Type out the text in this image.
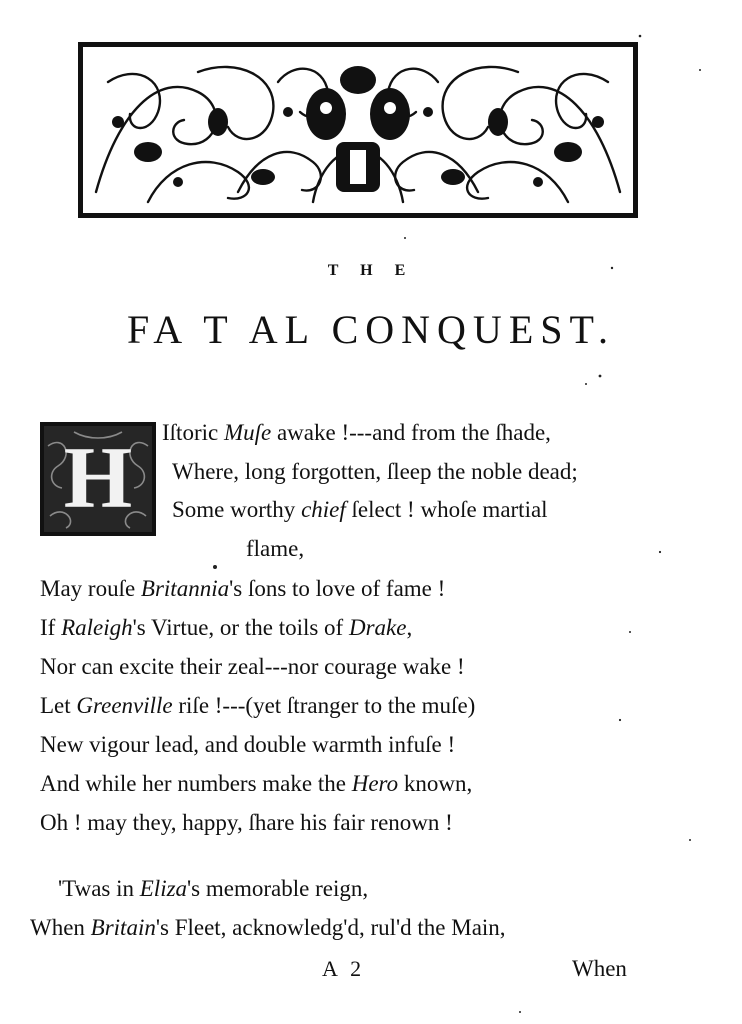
T H E
FA T AL CONQUEST.
H	Iſtoric Muſe awake !---and from the ſhade,
Where, long forgotten, ſleep the noble dead;
Some worthy chief ſelect ! whoſe martial
flame,
May rouſe Britannia's ſons to love of fame !
If Raleigh's Virtue, or the toils of Drake,
Nor can excite their zeal---nor courage wake !
Let Greenville riſe !---(yet ſtranger to the muſe)
New vigour lead, and double warmth infuſe !
And while her numbers make the Hero known,
Oh ! may they, happy, ſhare his fair renown !
'Twas in Eliza's memorable reign,
When Britain's Fleet, acknowledg'd, rul'd the Main,
A 2	When
